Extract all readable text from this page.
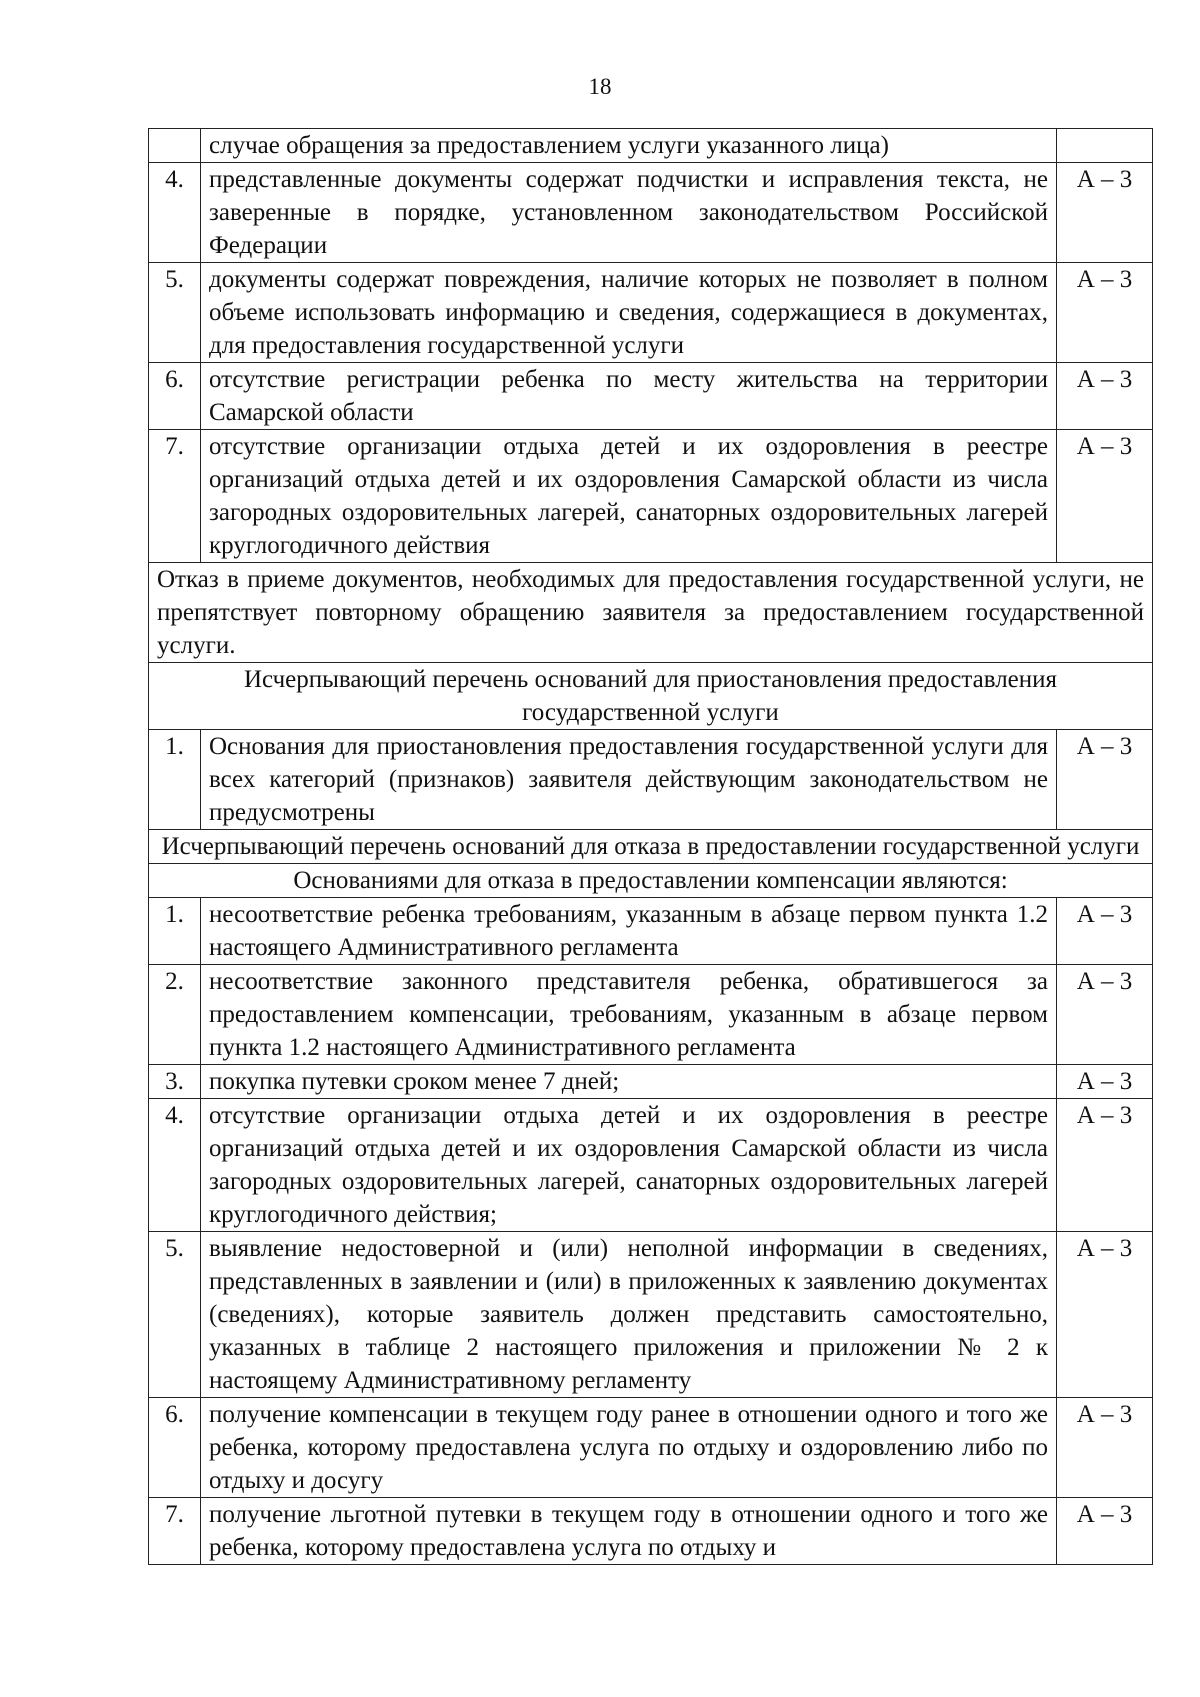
18
	случае обращения за предоставлением услуги указанного лица)	
4.	представленные документы содержат подчистки и исправления текста, не заверенные в порядке, установленном законодательством Российской Федерации	А – 3
5.	документы содержат повреждения, наличие которых не позволяет в полном объеме использовать информацию и сведения, содержащиеся в документах, для предоставления государственной услуги	А – 3
6.	отсутствие регистрации ребенка по месту жительства на территории Самарской области	А – 3
7.	отсутствие организации отдыха детей и их оздоровления в реестре организаций отдыха детей и их оздоровления Самарской области из числа загородных оздоровительных лагерей, санаторных оздоровительных лагерей круглогодичного действия	А – 3
Отказ в приеме документов, необходимых для предоставления государственной услуги, не препятствует повторному обращению заявителя за предоставлением государственной услуги.		
Исчерпывающий перечень оснований для приостановления предоставления государственной услуги		
1.	Основания для приостановления предоставления государственной услуги для всех категорий (признаков) заявителя действующим законодательством не предусмотрены	А – 3
Исчерпывающий перечень оснований для отказа в предоставлении государственной услуги		
Основаниями для отказа в предоставлении компенсации являются:		
1.	несоответствие ребенка требованиям, указанным в абзаце первом пункта 1.2 настоящего Административного регламента	А – 3
2.	несоответствие законного представителя ребенка, обратившегося за предоставлением компенсации, требованиям, указанным в абзаце первом пункта 1.2 настоящего Административного регламента	А – 3
3.	покупка путевки сроком менее 7 дней;	А – 3
4.	отсутствие организации отдыха детей и их оздоровления в реестре организаций отдыха детей и их оздоровления Самарской области из числа загородных оздоровительных лагерей, санаторных оздоровительных лагерей круглогодичного действия;	А – 3
5.	выявление недостоверной и (или) неполной информации в сведениях, представленных в заявлении и (или) в приложенных к заявлению документах (сведениях), которые заявитель должен представить самостоятельно, указанных в таблице 2 настоящего приложения и приложении № 2 к настоящему Административному регламенту	А – 3
6.	получение компенсации в текущем году ранее в отношении одного и того же ребенка, которому предоставлена услуга по отдыху и оздоровлению либо по отдыху и досугу	А – 3
7.	получение льготной путевки в текущем году в отношении одного и того же ребенка, которому предоставлена услуга по отдыху и	А – 3
